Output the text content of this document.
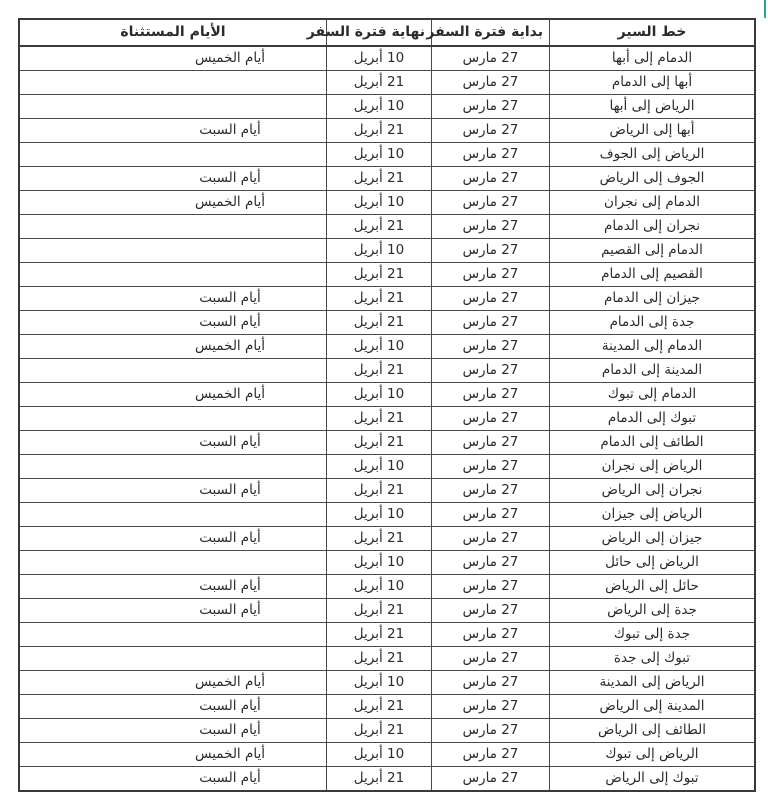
خط السير	بداية فترة السفر	نهاية فترة السفر	الأيام المستثناة
الدمام إلى أبها	27 مارس	10 أبريل	أيام الخميس
أبها إلى الدمام	27 مارس	21 أبريل	
الرياض إلى أبها	27 مارس	10 أبريل	
أبها إلى الرياض	27 مارس	21 أبريل	أيام السبت
الرياض إلى الجوف	27 مارس	10 أبريل	
الجوف إلى الرياض	27 مارس	21 أبريل	أيام السبت
الدمام إلى نجران	27 مارس	10 أبريل	أيام الخميس
نجران إلى الدمام	27 مارس	21 أبريل	
الدمام إلى القصيم	27 مارس	10 أبريل	
القصيم إلى الدمام	27 مارس	21 أبريل	
جيزان إلى الدمام	27 مارس	21 أبريل	أيام السبت
جدة إلى الدمام	27 مارس	21 أبريل	أيام السبت
الدمام إلى المدينة	27 مارس	10 أبريل	أيام الخميس
المدينة إلى الدمام	27 مارس	21 أبريل	
الدمام إلى تبوك	27 مارس	10 أبريل	أيام الخميس
تبوك إلى الدمام	27 مارس	21 أبريل	
الطائف إلى الدمام	27 مارس	21 أبريل	أيام السبت
الرياض إلى نجران	27 مارس	10 أبريل	
نجران إلى الرياض	27 مارس	21 أبريل	أيام السبت
الرياض إلى جيزان	27 مارس	10 أبريل	
جيزان إلى الرياض	27 مارس	21 أبريل	أيام السبت
الرياض إلى حائل	27 مارس	10 أبريل	
حائل إلى الرياض	27 مارس	10 أبريل	أيام السبت
جدة إلى الرياض	27 مارس	21 أبريل	أيام السبت
جدة إلى تبوك	27 مارس	21 أبريل	
تبوك إلى جدة	27 مارس	21 أبريل	
الرياض إلى المدينة	27 مارس	10 أبريل	أيام الخميس
المدينة إلى الرياض	27 مارس	21 أبريل	أيام السبت
الطائف إلى الرياض	27 مارس	21 أبريل	أيام السبت
الرياض إلى تبوك	27 مارس	10 أبريل	أيام الخميس
تبوك إلى الرياض	27 مارس	21 أبريل	أيام السبت
